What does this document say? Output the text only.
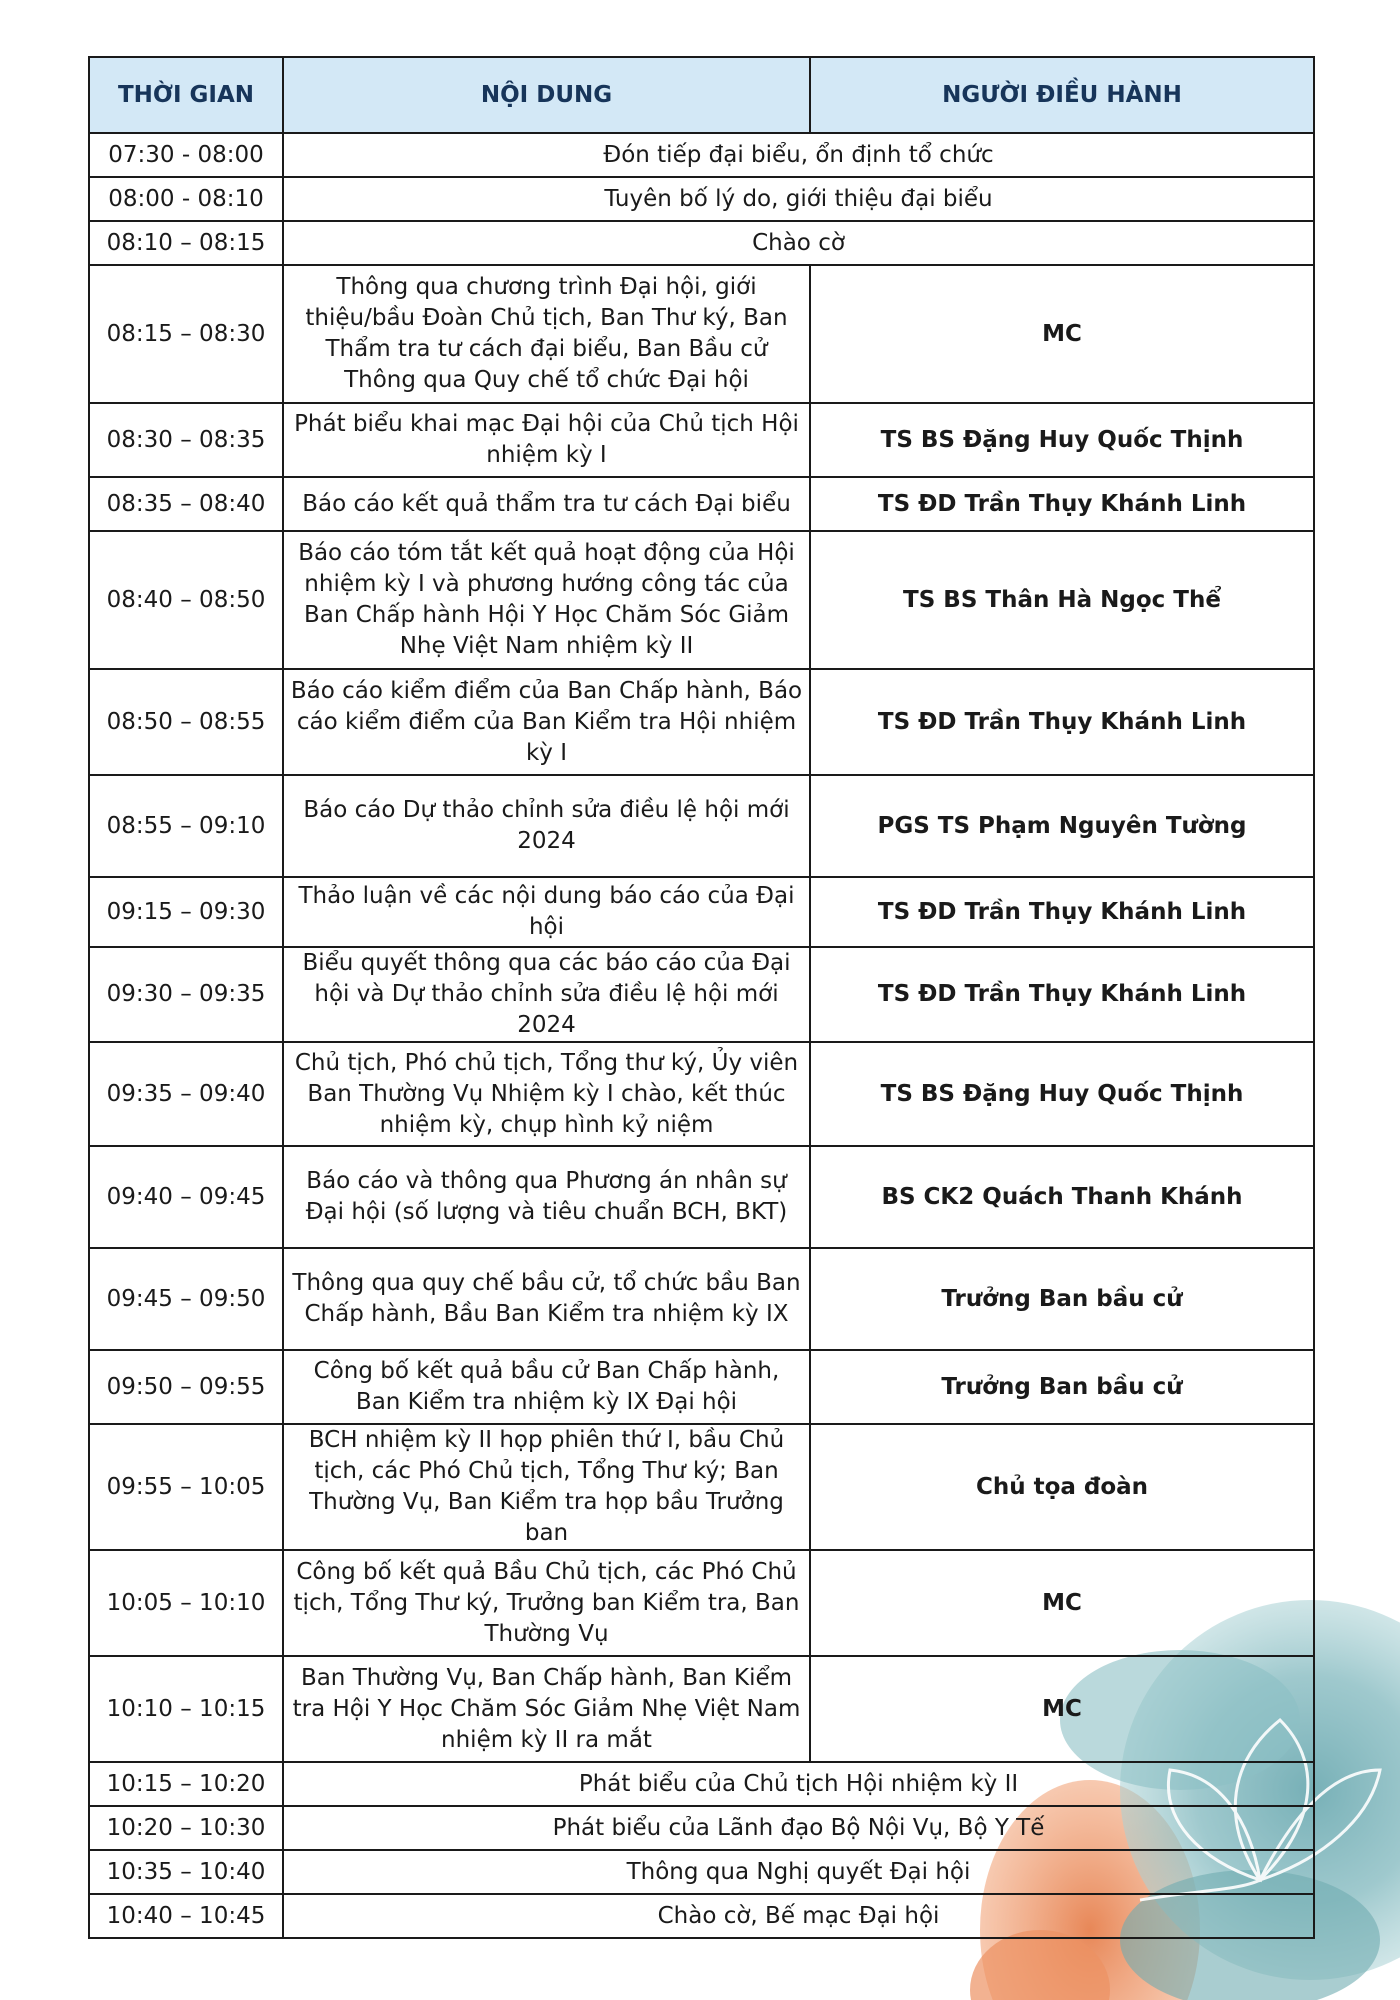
THỜI GIAN	NỘI DUNG	NGƯỜI ĐIỀU HÀNH
07:30 - 08:00	Đón tiếp đại biểu, ổn định tổ chức	
08:00 - 08:10	Tuyên bố lý do, giới thiệu đại biểu	
08:10 – 08:15	Chào cờ	
08:15 – 08:30	Thông qua chương trình Đại hội, giới thiệu/bầu Đoàn Chủ tịch, Ban Thư ký, Ban Thẩm tra tư cách đại biểu, Ban Bầu cử Thông qua Quy chế tổ chức Đại hội	MC
08:30 – 08:35	Phát biểu khai mạc Đại hội của Chủ tịch Hội nhiệm kỳ I	TS BS Đặng Huy Quốc Thịnh
08:35 – 08:40	Báo cáo kết quả thẩm tra tư cách Đại biểu	TS ĐD Trần Thụy Khánh Linh
08:40 – 08:50	Báo cáo tóm tắt kết quả hoạt động của Hội nhiệm kỳ I và phương hướng công tác của Ban Chấp hành Hội Y Học Chăm Sóc Giảm Nhẹ Việt Nam nhiệm kỳ II	TS BS Thân Hà Ngọc Thể
08:50 – 08:55	Báo cáo kiểm điểm của Ban Chấp hành, Báo cáo kiểm điểm của Ban Kiểm tra Hội nhiệm kỳ I	TS ĐD Trần Thụy Khánh Linh
08:55 – 09:10	Báo cáo Dự thảo chỉnh sửa điều lệ hội mới 2024	PGS TS Phạm Nguyên Tường
09:15 – 09:30	Thảo luận về các nội dung báo cáo của Đại hội	TS ĐD Trần Thụy Khánh Linh
09:30 – 09:35	Biểu quyết thông qua các báo cáo của Đại hội và Dự thảo chỉnh sửa điều lệ hội mới 2024	TS ĐD Trần Thụy Khánh Linh
09:35 – 09:40	Chủ tịch, Phó chủ tịch, Tổng thư ký, Ủy viên Ban Thường Vụ Nhiệm kỳ I chào, kết thúc nhiệm kỳ, chụp hình kỷ niệm	TS BS Đặng Huy Quốc Thịnh
09:40 – 09:45	Báo cáo và thông qua Phương án nhân sự Đại hội (số lượng và tiêu chuẩn BCH, BKT)	BS CK2 Quách Thanh Khánh
09:45 – 09:50	Thông qua quy chế bầu cử, tổ chức bầu Ban Chấp hành, Bầu Ban Kiểm tra nhiệm kỳ IX	Trưởng Ban bầu cử
09:50 – 09:55	Công bố kết quả bầu cử Ban Chấp hành, Ban Kiểm tra nhiệm kỳ IX Đại hội	Trưởng Ban bầu cử
09:55 – 10:05	BCH nhiệm kỳ II họp phiên thứ I, bầu Chủ tịch, các Phó Chủ tịch, Tổng Thư ký; Ban Thường Vụ, Ban Kiểm tra họp bầu Trưởng ban	Chủ tọa đoàn
10:05 – 10:10	Công bố kết quả Bầu Chủ tịch, các Phó Chủ tịch, Tổng Thư ký, Trưởng ban Kiểm tra, Ban Thường Vụ	MC
10:10 – 10:15	Ban Thường Vụ, Ban Chấp hành, Ban Kiểm tra Hội Y Học Chăm Sóc Giảm Nhẹ Việt Nam nhiệm kỳ II ra mắt	MC
10:15 – 10:20	Phát biểu của Chủ tịch Hội nhiệm kỳ II	
10:20 – 10:30	Phát biểu của Lãnh đạo Bộ Nội Vụ, Bộ Y Tế	
10:35 – 10:40	Thông qua Nghị quyết Đại hội	
10:40 – 10:45	Chào cờ, Bế mạc Đại hội	
